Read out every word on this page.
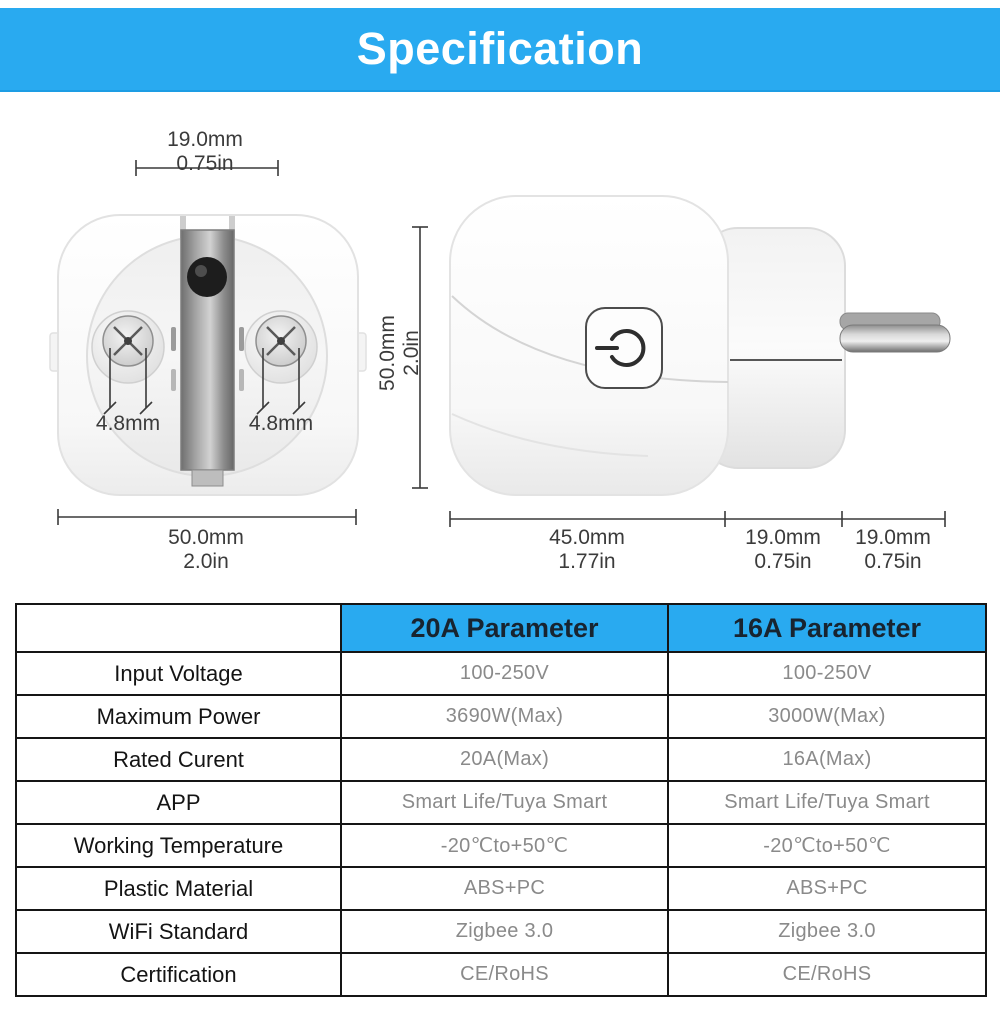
Specification
19.0mm
0.75in
4.8mm	4.8mm
50.0mm
2.0in
50.0mm 2.0in
45.0mm
1.77in
19.0mm
0.75in
19.0mm
0.75in
	20A Parameter	16A Parameter
Input Voltage	100-250V	100-250V
Maximum Power	3690W(Max)	3000W(Max)
Rated Curent	20A(Max)	16A(Max)
APP	Smart Life/Tuya Smart	Smart Life/Tuya Smart
Working Temperature	-20℃to+50℃	-20℃to+50℃
Plastic Material	ABS+PC	ABS+PC
WiFi Standard	Zigbee 3.0	Zigbee 3.0
Certification	CE/RoHS	CE/RoHS
